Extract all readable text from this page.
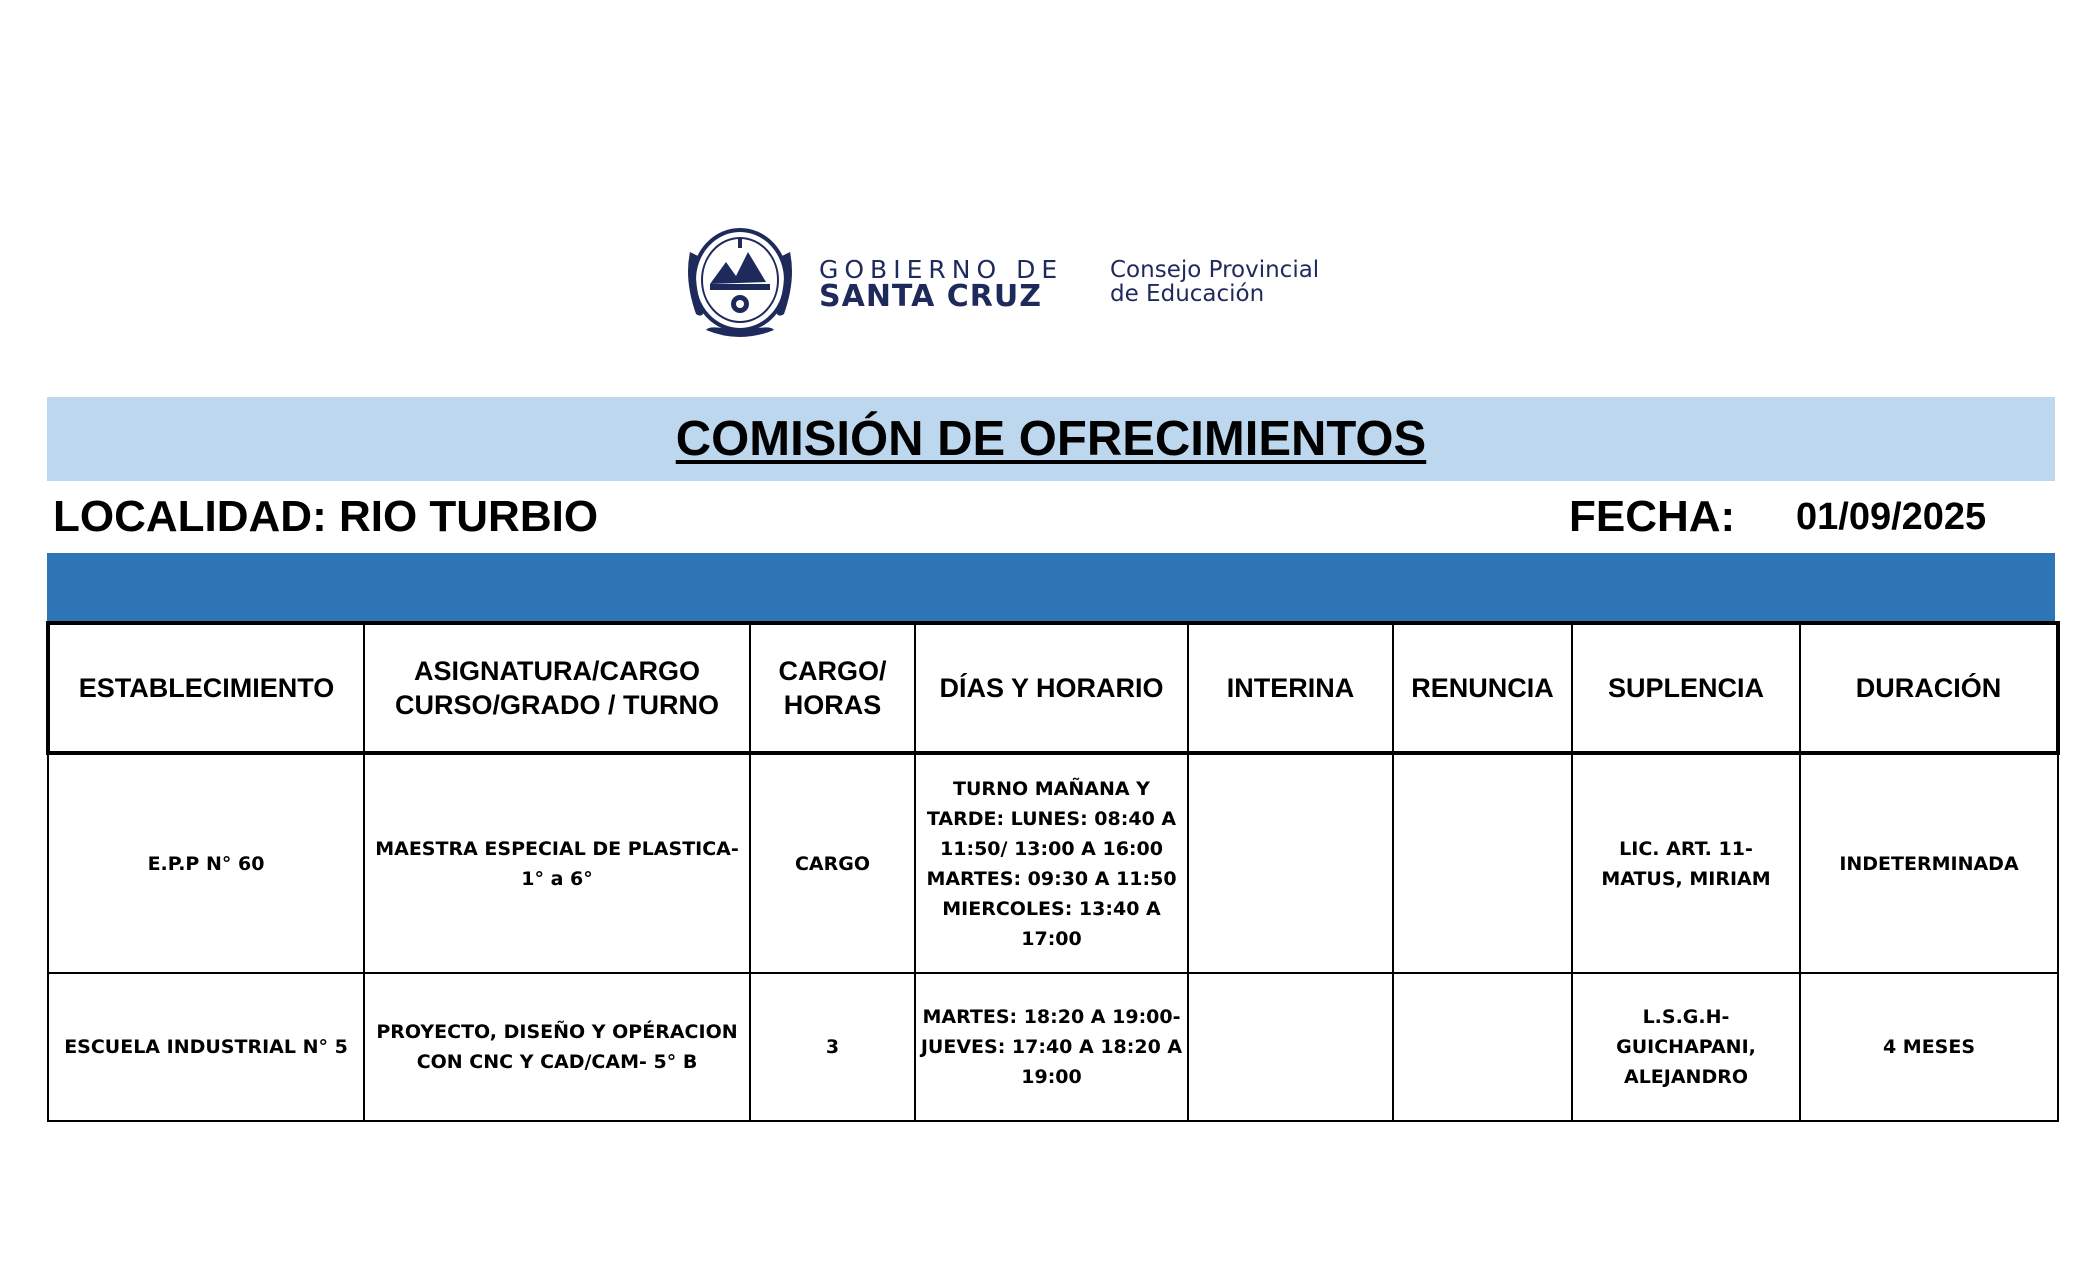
GOBIERNO DE
SANTA CRUZ
Consejo Provincial
de Educación
COMISIÓN DE OFRECIMIENTOS
LOCALIDAD: RIO TURBIO	FECHA: 01/09/2025
ESTABLECIMIENTO	ASIGNATURA/CARGO CURSO/GRADO / TURNO	CARGO/ HORAS	DÍAS Y HORARIO	INTERINA	RENUNCIA	SUPLENCIA	DURACIÓN
E.P.P N° 60	MAESTRA ESPECIAL DE PLASTICA- 1° a 6°	CARGO	TURNO MAÑANA Y TARDE: LUNES: 08:40 A 11:50/ 13:00 A 16:00 MARTES: 09:30 A 11:50 MIERCOLES: 13:40 A 17:00			LIC. ART. 11- MATUS, MIRIAM	INDETERMINADA
ESCUELA INDUSTRIAL N° 5	PROYECTO, DISEÑO Y OPÉRACION CON CNC Y CAD/CAM- 5° B	3	MARTES: 18:20 A 19:00- JUEVES: 17:40 A 18:20 A 19:00			L.S.G.H- GUICHAPANI, ALEJANDRO	4 MESES
